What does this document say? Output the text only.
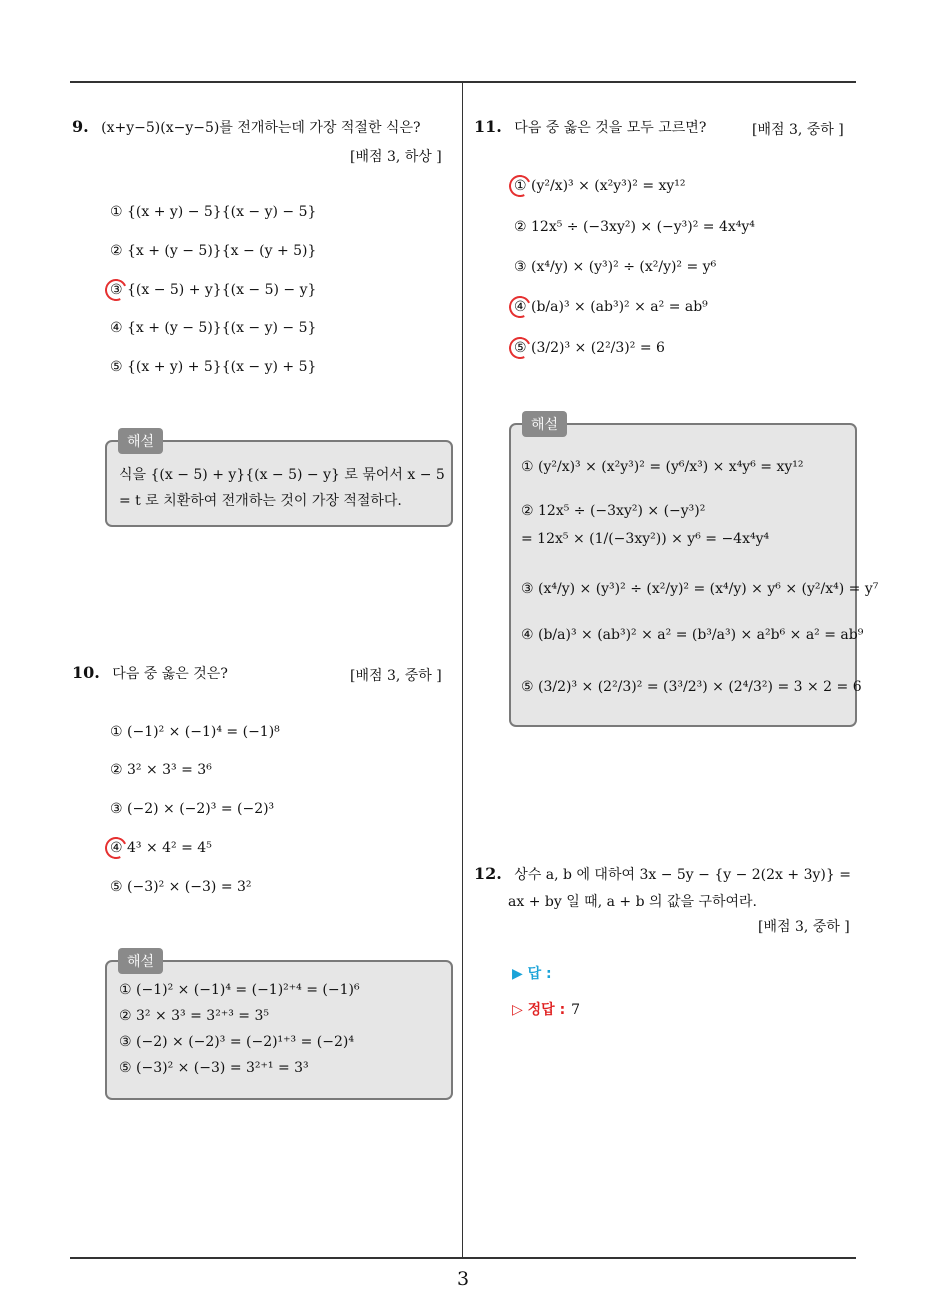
9. (x+y−5)(x−y−5)를 전개하는데 가장 적절한 식은?
[배점 3, 하상 ]
① {(x + y) − 5}{(x − y) − 5}
② {x + (y − 5)}{x − (y + 5)}
③ {(x − 5) + y}{(x − 5) − y}
④ {x + (y − 5)}{(x − y) − 5}
⑤ {(x + y) + 5}{(x − y) + 5}
식을 {(x − 5) + y}{(x − 5) − y} 로 묶어서 x − 5
= t 로 치환하여 전개하는 것이 가장 적절하다.
해설
10. 다음 중 옳은 것은?	[배점 3, 중하 ]
① (−1)² × (−1)⁴ = (−1)⁸
② 3² × 3³ = 3⁶
③ (−2) × (−2)³ = (−2)³
④ 4³ × 4² = 4⁵
⑤ (−3)² × (−3) = 3²
① (−1)² × (−1)⁴ = (−1)²⁺⁴ = (−1)⁶
② 3² × 3³ = 3²⁺³ = 3⁵
③ (−2) × (−2)³ = (−2)¹⁺³ = (−2)⁴
⑤ (−3)² × (−3) = 3²⁺¹ = 3³
해설
11. 다음 중 옳은 것을 모두 고르면?	[배점 3, 중하 ]
① (y²/x)³ × (x²y³)² = xy¹²
② 12x⁵ ÷ (−3xy²) × (−y³)² = 4x⁴y⁴
③ (x⁴/y) × (y³)² ÷ (x²/y)² = y⁶
④ (b/a)³ × (ab³)² × a² = ab⁹
⑤ (3/2)³ × (2²/3)² = 6
① (y²/x)³ × (x²y³)² = (y⁶/x³) × x⁴y⁶ = xy¹²
② 12x⁵ ÷ (−3xy²) × (−y³)²
= 12x⁵ × (1/(−3xy²)) × y⁶ = −4x⁴y⁴
③ (x⁴/y) × (y³)² ÷ (x²/y)² = (x⁴/y) × y⁶ × (y²/x⁴) = y⁷
④ (b/a)³ × (ab³)² × a² = (b³/a³) × a²b⁶ × a² = ab⁹
⑤ (3/2)³ × (2²/3)² = (3³/2³) × (2⁴/3²) = 3 × 2 = 6
해설
12. 상수 a, b 에 대하여 3x − 5y − {y − 2(2x + 3y)} =
ax + by 일 때, a + b 의 값을 구하여라.
[배점 3, 중하 ]
▶ 답 :
▷ 정답 : 7
3
